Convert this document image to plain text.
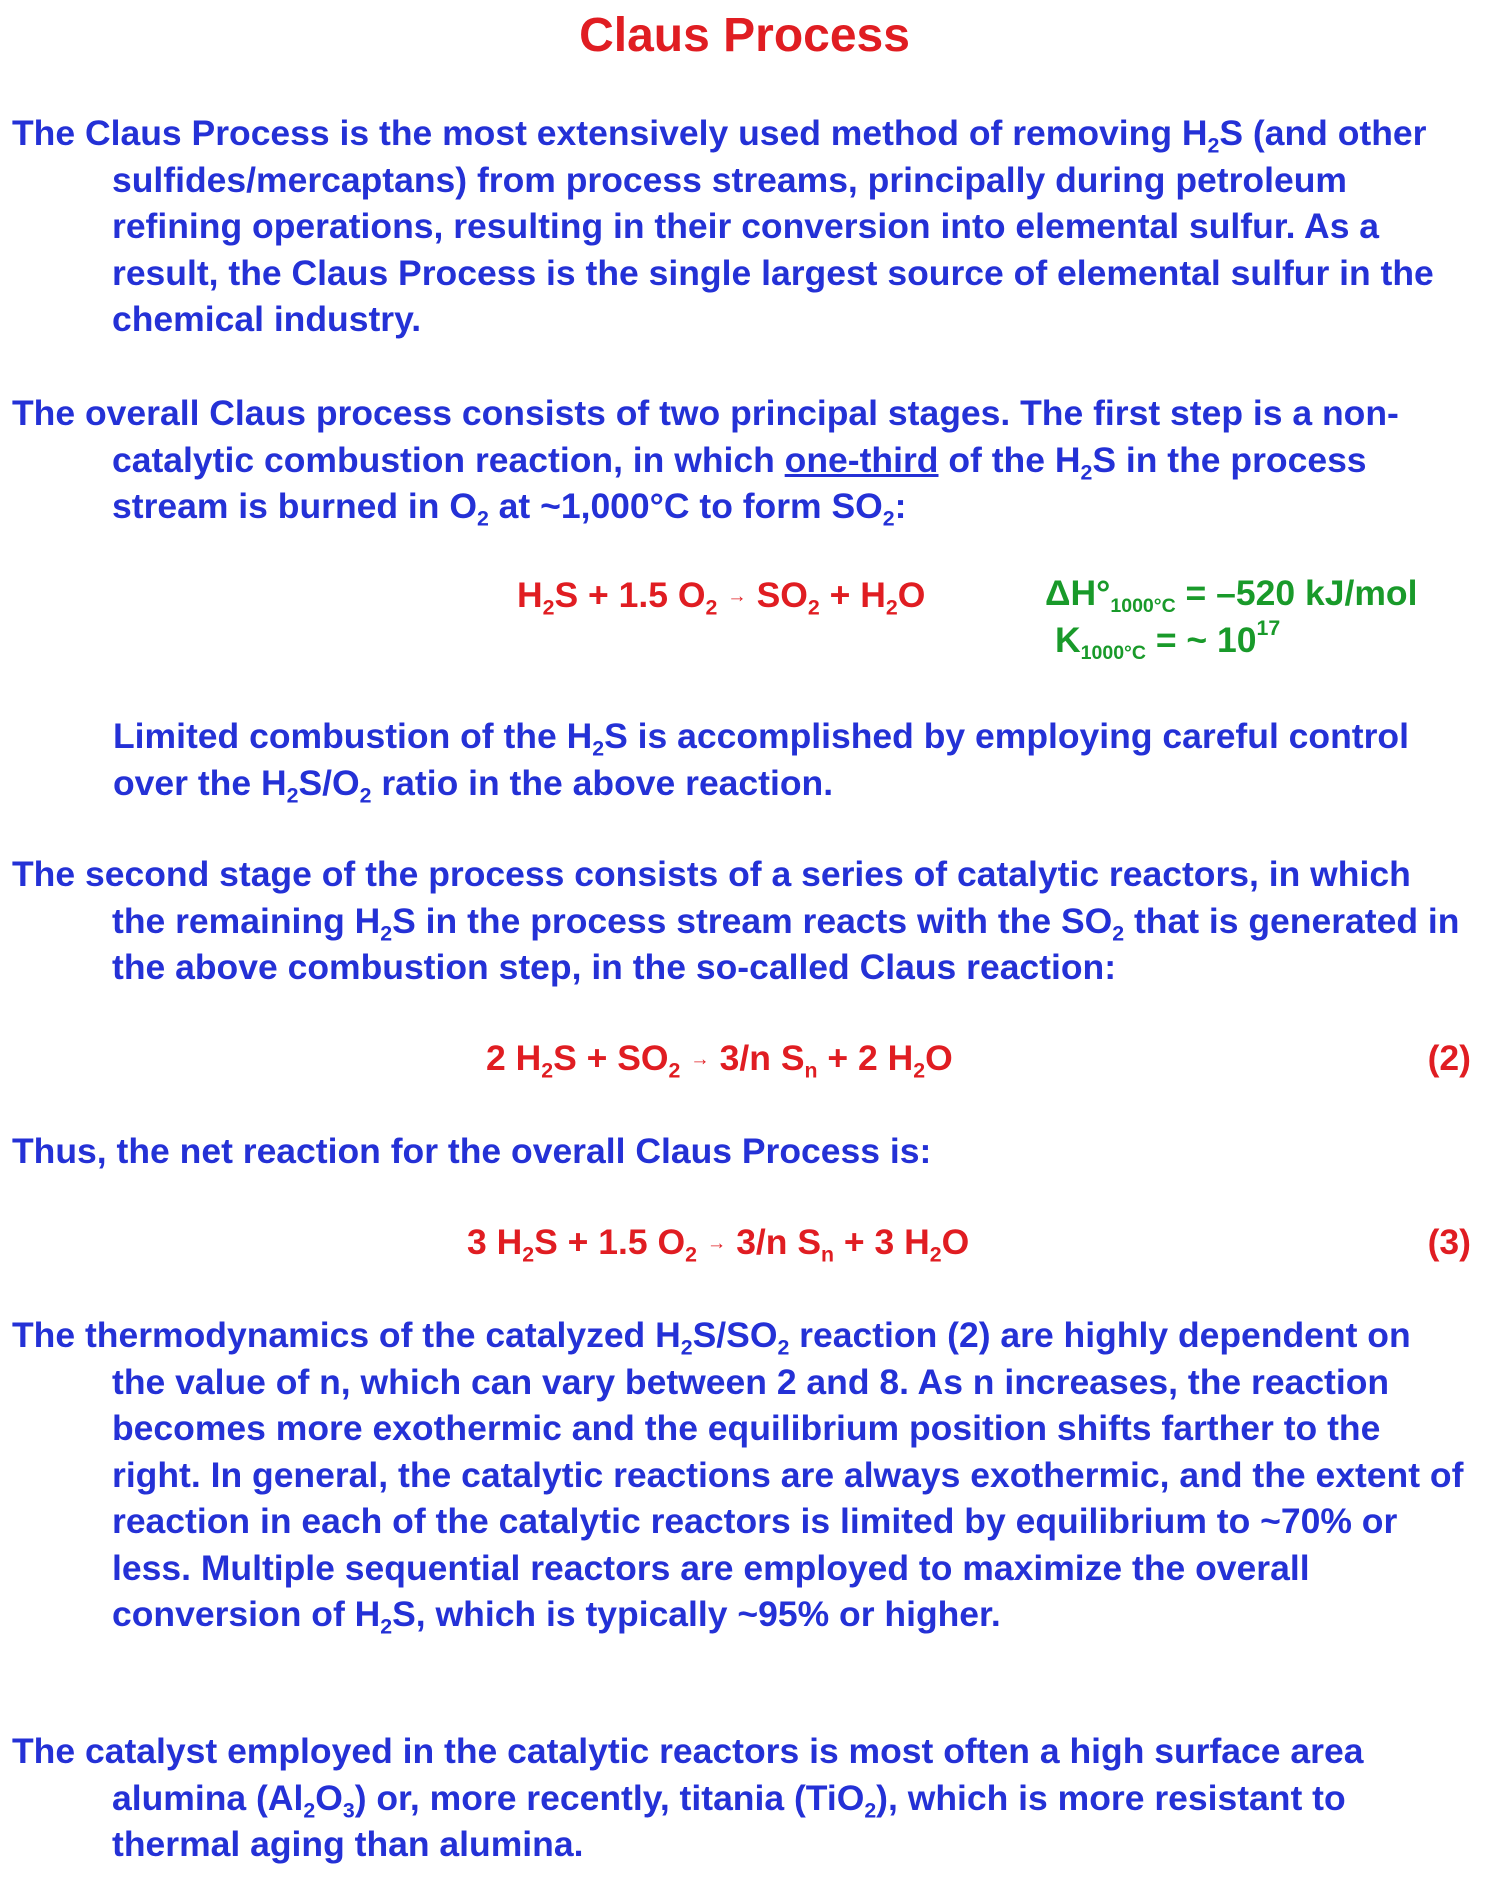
Claus Process
The Claus Process is the most extensively used method of removing $H_2S$ (and other sulfides/mercaptans) from process streams, principally during petroleum refining operations, resulting in their conversion into elemental sulfur. As a result, the Claus Process is the single largest source of elemental sulfur in the chemical industry.
The overall Claus process consists of two principal stages. The first step is a non-catalytic combustion reaction, in which one-third of the $H_2S$ in the process stream is burned in $O_2$ at ~1,000°C to form $SO_2$:
$H_2S + 1.5$ $O_2 \to SO_2 + H_2O$	$\Delta H^\circ_{1000^\circ C} = -520$ kJ/mol
$K_{1000^\circ C}$ = ~ $10^{17}$
Limited combustion of the $H_2S$ is accomplished by employing careful control over the $H_2S/O_2$ ratio in the above reaction.
The second stage of the process consists of a series of catalytic reactors, in which the remaining $H_2S$ in the process stream reacts with the $SO_2$ that is generated in the above combustion step, in the so-called Claus reaction:
2 $H_2S + SO_2 \to 3/n$ $S_n + 2$ $H_2O$	(2)
Thus, the net reaction for the overall Claus Process is:
3 $H_2S + 1.5$ $O_2 \to 3/n$ $S_n + 3$ $H_2O$	(3)
The thermodynamics of the catalyzed $H_2S/SO_2$ reaction (2) are highly dependent on the value of n, which can vary between 2 and 8. As n increases, the reaction becomes more exothermic and the equilibrium position shifts farther to the right. In general, the catalytic reactions are always exothermic, and the extent of reaction in each of the catalytic reactors is limited by equilibrium to ~70% or less. Multiple sequential reactors are employed to maximize the overall conversion of $H_2S$, which is typically ~95% or higher.
The catalyst employed in the catalytic reactors is most often a high surface area alumina $(Al_2O_3)$ or, more recently, titania (TiO$_2$), which is more resistant to thermal aging than alumina.
